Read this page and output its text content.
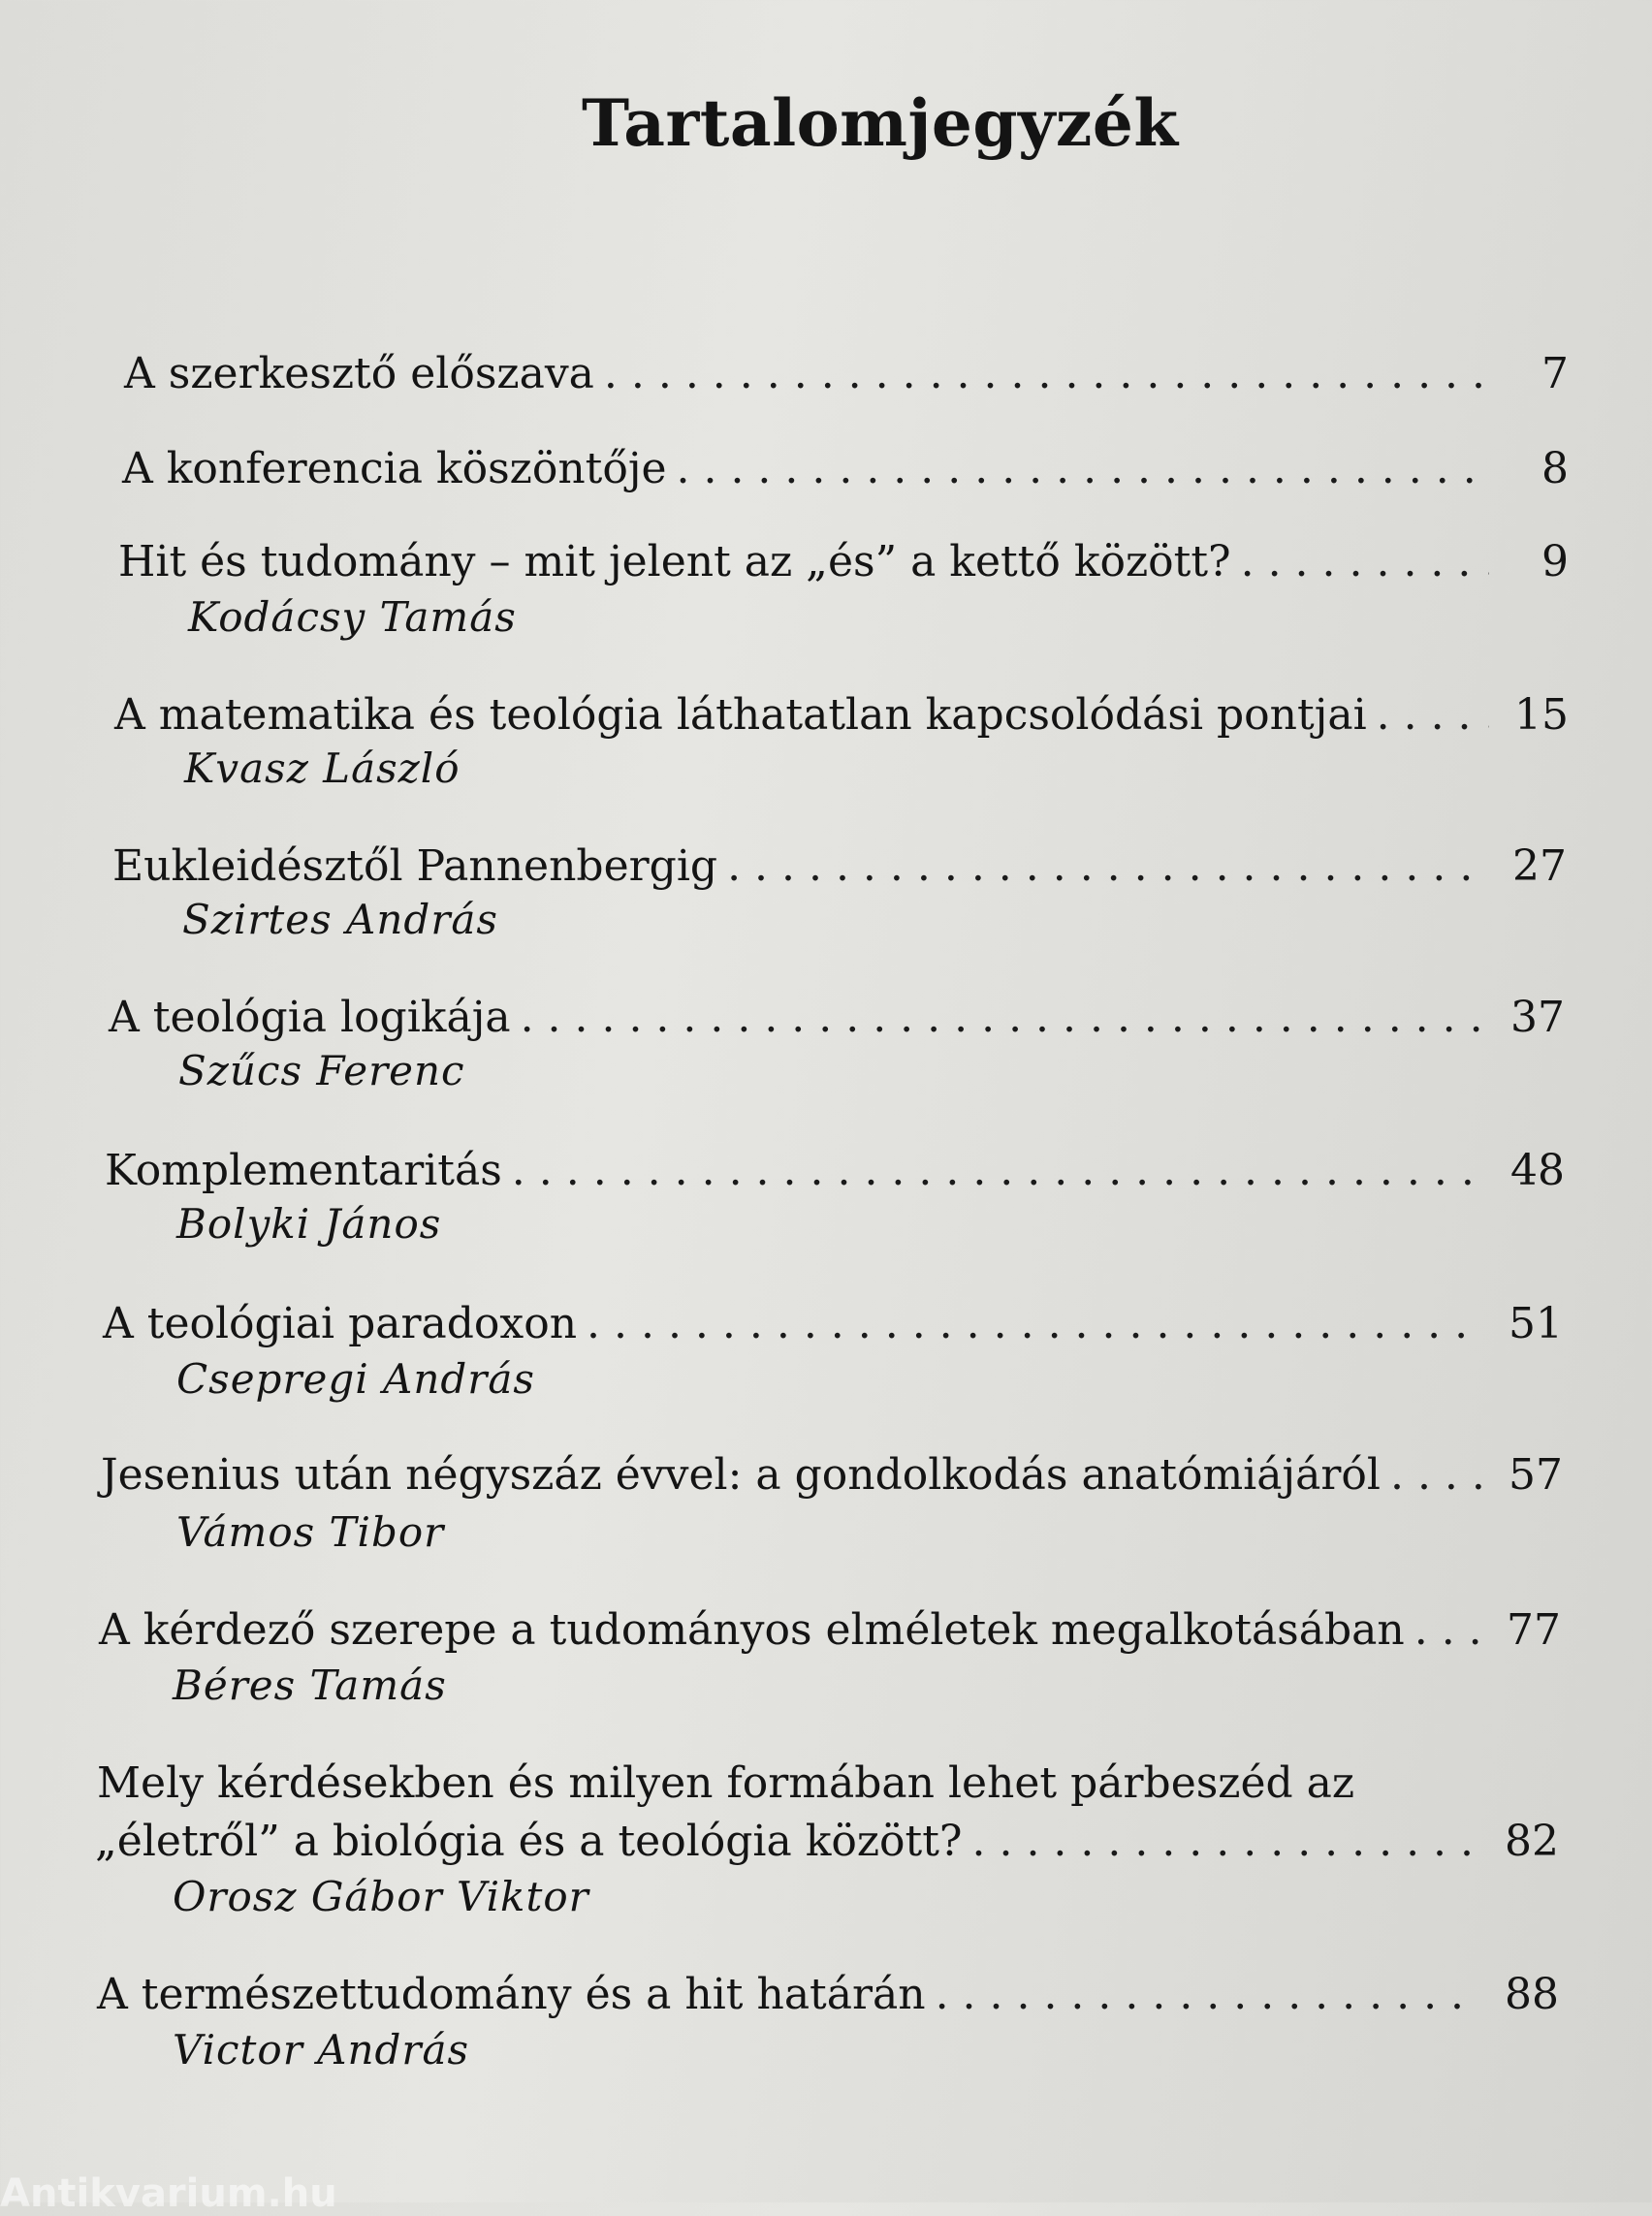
Tartalomjegyzék
A szerkesztő előszava . . .	7
A konferencia köszöntője . . .	8
Hit és tudomány – mit jelent az „és” a kettő között? . . .	9
Kodácsy Tamás
A matematika és teológia láthatatlan kapcsolódási pontjai . . .	15
Kvasz László
Eukleidésztől Pannenbergig . . .	27
Szirtes András
A teológia logikája . . .	37
Szűcs Ferenc
Komplementaritás . . .	48
Bolyki János
A teológiai paradoxon . . .	51
Csepregi András
Jesenius után négyszáz évvel: a gondolkodás anatómiájáról . . .	57
Vámos Tibor
A kérdező szerepe a tudományos elméletek megalkotásában . . .	77
Béres Tamás
Mely kérdésekben és milyen formában lehet párbeszéd az
„életről” a biológia és a teológia között? . . .	82
Orosz Gábor Viktor
A természettudomány és a hit határán . . .	88
Victor András
Antikvarium.hu
